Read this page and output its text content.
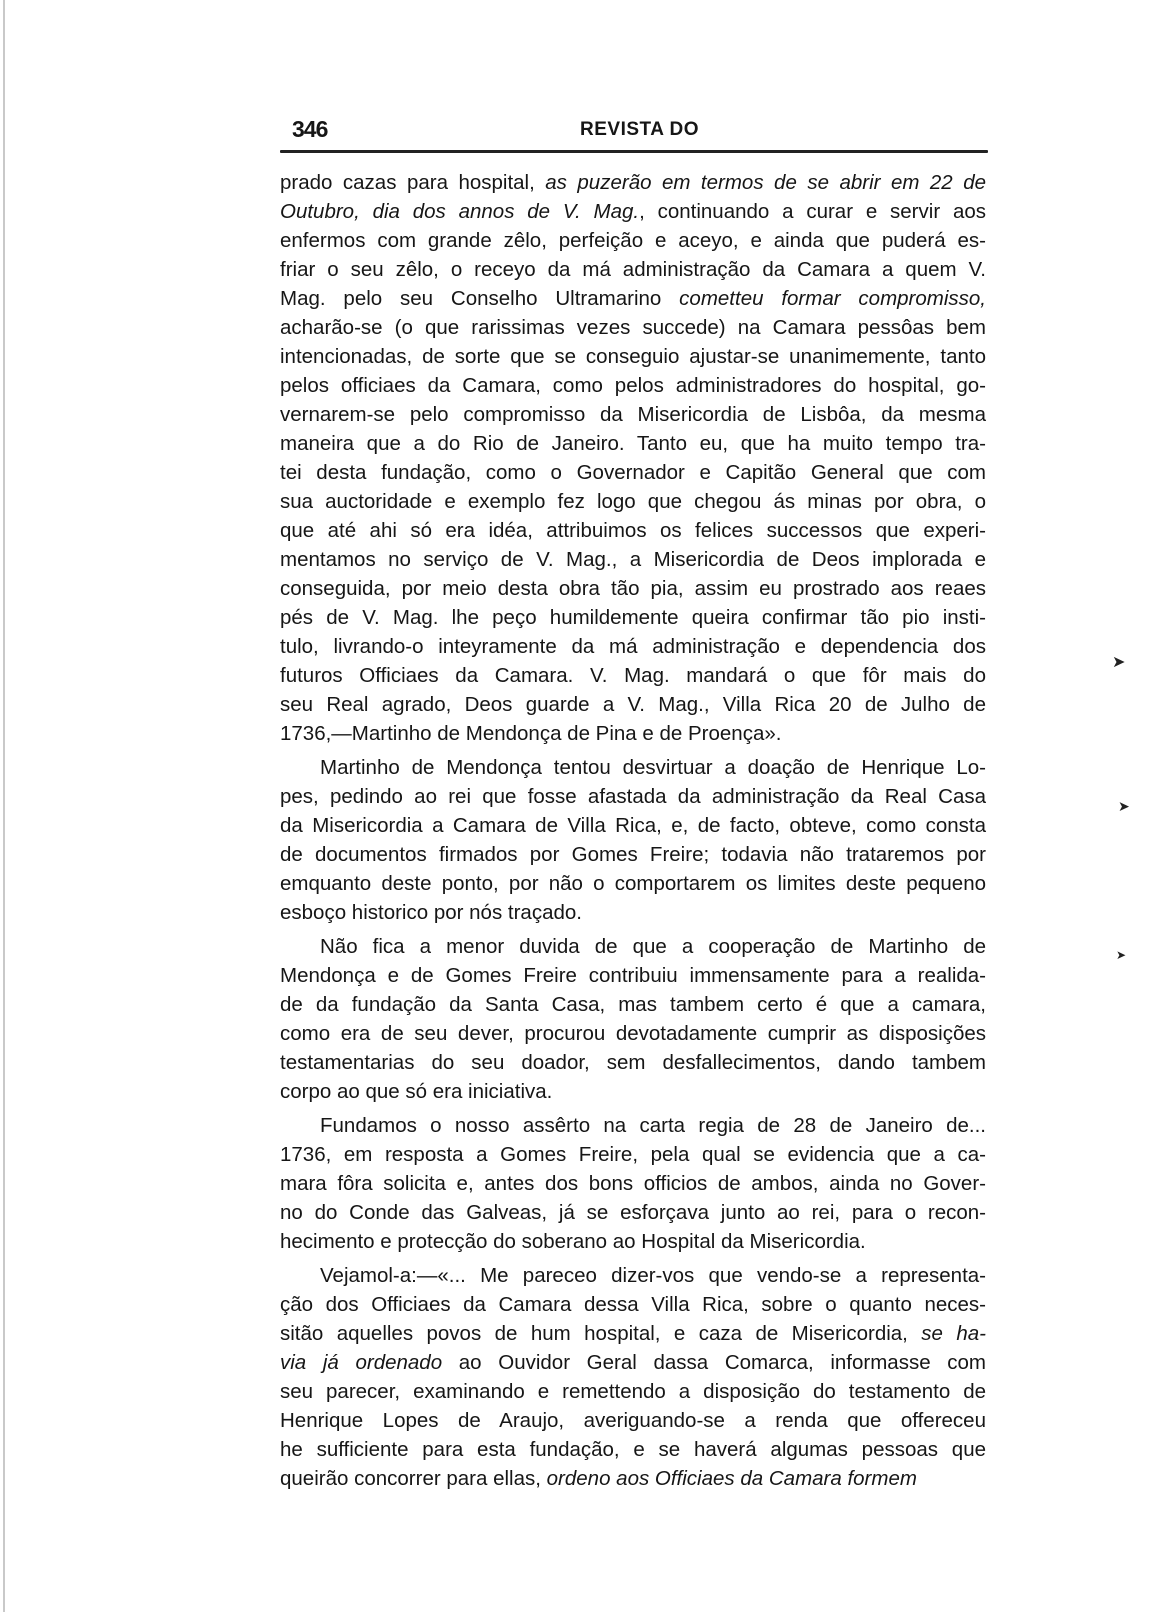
346	REVISTA DO
prado cazas para hospital, as puzerão em termos de se abrir em 22 de
Outubro, dia dos annos de V. Mag., continuando a curar e servir aos
enfermos com grande zêlo, perfeição e aceyo, e ainda que puderá es-
friar o seu zêlo, o receyo da má administração da Camara a quem V.
Mag. pelo seu Conselho Ultramarino cometteu formar compromisso,
acharão-se (o que rarissimas vezes succede) na Camara pessôas bem
intencionadas, de sorte que se conseguio ajustar-se unanimemente, tanto
pelos officiaes da Camara, como pelos administradores do hospital, go-
vernarem-se pelo compromisso da Misericordia de Lisbôa, da mesma
maneira que a do Rio de Janeiro. Tanto eu, que ha muito tempo tra-
tei desta fundação, como o Governador e Capitão General que com
sua auctoridade e exemplo fez logo que chegou ás minas por obra, o
que até ahi só era idéa, attribuimos os felices successos que experi-
mentamos no serviço de V. Mag., a Misericordia de Deos implorada e
conseguida, por meio desta obra tão pia, assim eu prostrado aos reaes
pés de V. Mag. lhe peço humildemente queira confirmar tão pio insti-
tulo, livrando-o inteyramente da má administração e dependencia dos
futuros Officiaes da Camara. V. Mag. mandará o que fôr mais do
seu Real agrado, Deos guarde a V. Mag., Villa Rica 20 de Julho de
1736,—Martinho de Mendonça de Pina e de Proença».
Martinho de Mendonça tentou desvirtuar a doação de Henrique Lo-
pes, pedindo ao rei que fosse afastada da administração da Real Casa
da Misericordia a Camara de Villa Rica, e, de facto, obteve, como consta
de documentos firmados por Gomes Freire; todavia não trataremos por
emquanto deste ponto, por não o comportarem os limites deste pequeno
esboço historico por nós traçado.
Não fica a menor duvida de que a cooperação de Martinho de
Mendonça e de Gomes Freire contribuiu immensamente para a realida-
de da fundação da Santa Casa, mas tambem certo é que a camara,
como era de seu dever, procurou devotadamente cumprir as disposições
testamentarias do seu doador, sem desfallecimentos, dando tambem
corpo ao que só era iniciativa.
Fundamos o nosso assêrto na carta regia de 28 de Janeiro de...
1736, em resposta a Gomes Freire, pela qual se evidencia que a ca-
mara fôra solicita e, antes dos bons officios de ambos, ainda no Gover-
no do Conde das Galveas, já se esforçava junto ao rei, para o recon-
hecimento e protecção do soberano ao Hospital da Misericordia.
Vejamol-a:—«... Me pareceo dizer-vos que vendo-se a representa-
ção dos Officiaes da Camara dessa Villa Rica, sobre o quanto neces-
sitão aquelles povos de hum hospital, e caza de Misericordia, se ha-
via já ordenado ao Ouvidor Geral dassa Comarca, informasse com
seu parecer, examinando e remettendo a disposição do testamento de
Henrique Lopes de Araujo, averiguando-se a renda que offereceu
he sufficiente para esta fundação, e se haverá algumas pessoas que
queirão concorrer para ellas, ordeno aos Officiaes da Camara formem
➤
➤
➤
